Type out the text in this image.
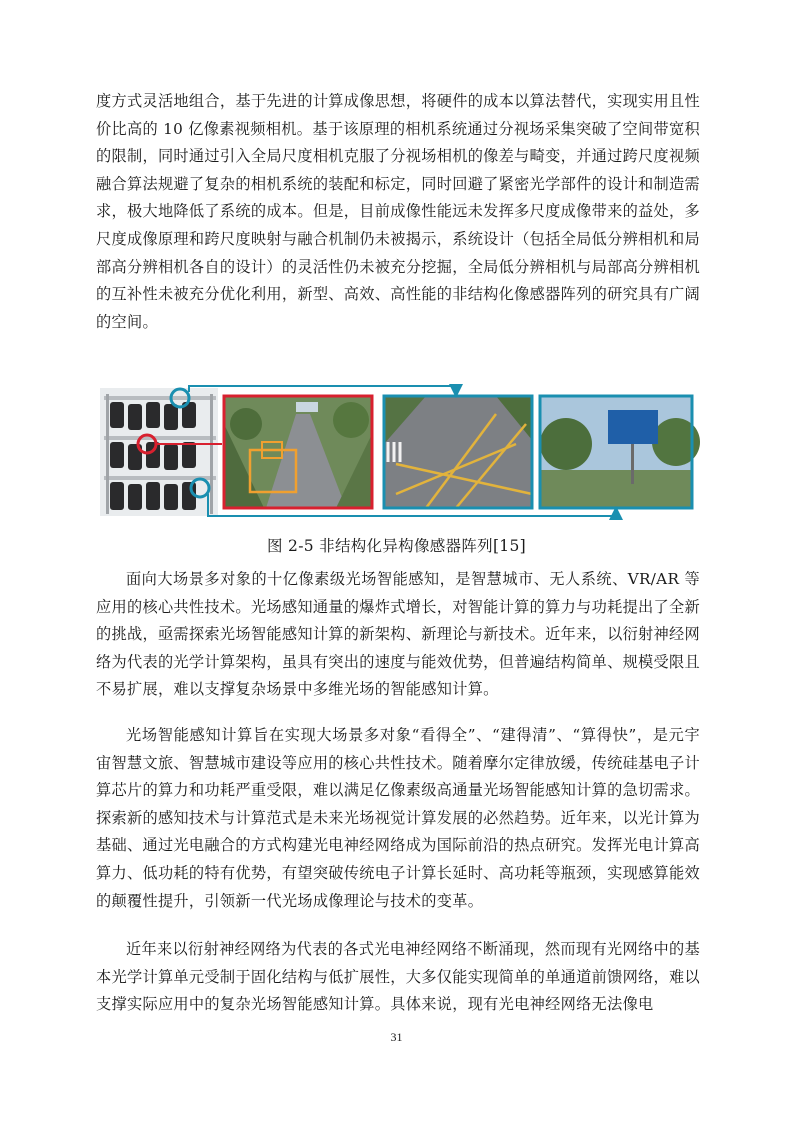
度方式灵活地组合，基于先进的计算成像思想，将硬件的成本以算法替代，实现实用且性价比高的 10 亿像素视频相机。基于该原理的相机系统通过分视场采集突破了空间带宽积的限制，同时通过引入全局尺度相机克服了分视场相机的像差与畸变，并通过跨尺度视频融合算法规避了复杂的相机系统的装配和标定，同时回避了紧密光学部件的设计和制造需求，极大地降低了系统的成本。但是，目前成像性能远未发挥多尺度成像带来的益处，多尺度成像原理和跨尺度映射与融合机制仍未被揭示，系统设计（包括全局低分辨相机和局部高分辨相机各自的设计）的灵活性仍未被充分挖掘，全局低分辨相机与局部高分辨相机的互补性未被充分优化利用，新型、高效、高性能的非结构化像感器阵列的研究具有广阔的空间。

图 2-5 非结构化异构像感器阵列[15]

面向大场景多对象的十亿像素级光场智能感知，是智慧城市、无人系统、VR/AR 等应用的核心共性技术。光场感知通量的爆炸式增长，对智能计算的算力与功耗提出了全新的挑战，亟需探索光场智能感知计算的新架构、新理论与新技术。近年来，以衍射神经网络为代表的光学计算架构，虽具有突出的速度与能效优势，但普遍结构简单、规模受限且不易扩展，难以支撑复杂场景中多维光场的智能感知计算。

光场智能感知计算旨在实现大场景多对象“看得全”、“建得清”、“算得快”，是元宇宙智慧文旅、智慧城市建设等应用的核心共性技术。随着摩尔定律放缓，传统硅基电子计算芯片的算力和功耗严重受限，难以满足亿像素级高通量光场智能感知计算的急切需求。探索新的感知技术与计算范式是未来光场视觉计算发展的必然趋势。近年来，以光计算为基础、通过光电融合的方式构建光电神经网络成为国际前沿的热点研究。发挥光电计算高算力、低功耗的特有优势，有望突破传统电子计算长延时、高功耗等瓶颈，实现感算能效的颠覆性提升，引领新一代光场成像理论与技术的变革。

近年来以衍射神经网络为代表的各式光电神经网络不断涌现，然而现有光网络中的基本光学计算单元受制于固化结构与低扩展性，大多仅能实现简单的单通道前馈网络，难以支撑实际应用中的复杂光场智能感知计算。具体来说，现有光电神经网络无法像电

31
